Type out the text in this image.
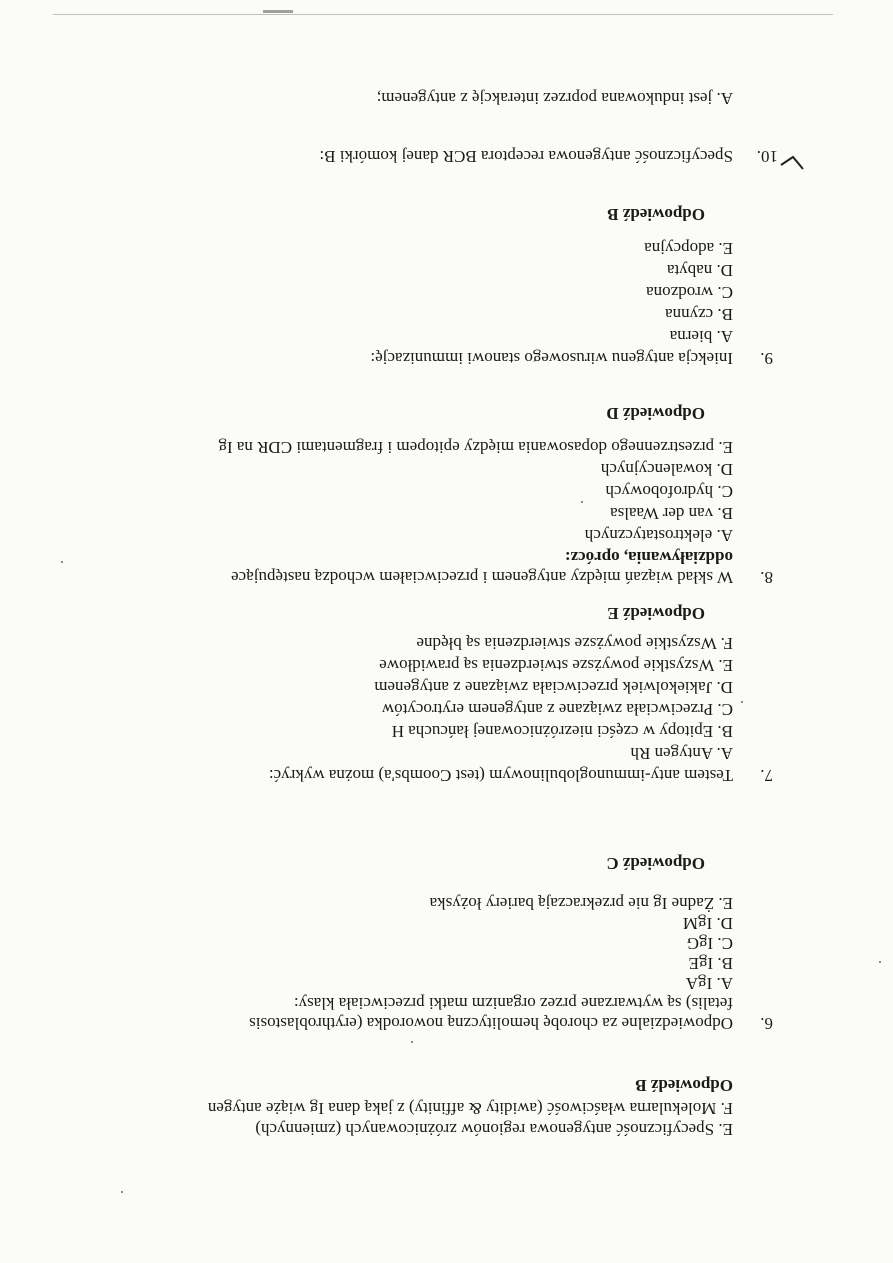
E. Specyficzność antygenowa regionów zróżnicowanych (zmiennych)
F. Molekularna właściwość (awidity & affinity) z jaką dana Ig wiąże antygen
Odpowiedź B
6.
Odpowiedzialne za chorobę hemolityczną noworodka (erythroblastosis
fetalis) są wytwarzane przez organizm matki przeciwciała klasy:
A. IgA
B. IgE
C. IgG
D. IgM
E. Żadne Ig nie przekraczają bariery łożyska
Odpowiedź C
7.
Testem anty-immunoglobulinowym (test Coombs'a) można wykryć:
A. Antygen Rh
B. Epitopy w części niezróżnicowanej łańcucha H
C. Przeciwciała związane z antygenem erytrocytów
D. Jakiekolwiek przeciwciała związane z antygenem
E. Wszystkie powyższe stwierdzenia są prawidłowe
F. Wszystkie powyższe stwierdzenia są błędne
Odpowiedź E
8.
W skład wiązań między antygenem i przeciwciałem wchodzą następujące
oddziaływania, oprócz:
A. elektrostatycznych
B. van der Waalsa
C. hydrofobowych
D. kowalencyjnych
E. przestrzennego dopasowania między epitopem i fragmentami CDR na Ig
Odpowiedź D
9.
Iniekcja antygenu wirusowego stanowi immunizację:
A. bierna
B. czynna
C. wrodzona
D. nabyta
E. adopcyjna
Odpowiedź B
10.
Specyficzność antygenowa receptora BCR danej komórki B:
A. jest indukowana poprzez interakcję z antygenem;
